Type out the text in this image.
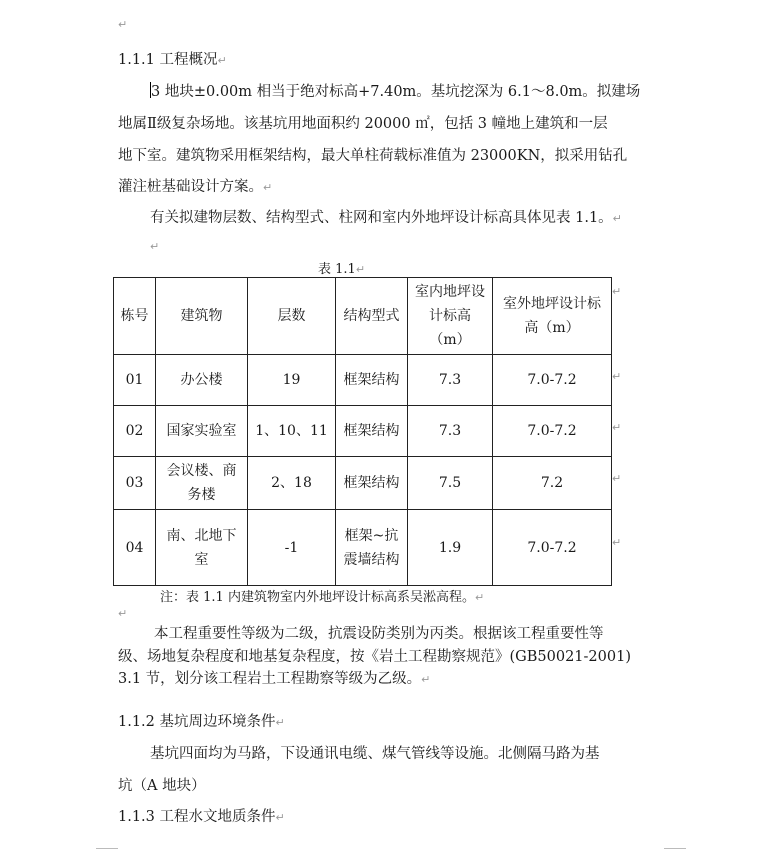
↵
1.1.1 工程概况↵
3 地块±0.00m 相当于绝对标高+7.40m。基坑挖深为 6.1～8.0m。拟建场
地属Ⅱ级复杂场地。该基坑用地面积约 20000 ㎡，包括 3 幢地上建筑和一层
地下室。建筑物采用框架结构，最大单柱荷载标准值为 23000KN，拟采用钻孔
灌注桩基础设计方案。↵
有关拟建物层数、结构型式、柱网和室内外地坪设计标高具体见表 1.1。↵
↵
表 1.1↵
栋号	建筑物	层数	结构型式	室内地坪设计标高（m）	室外地坪设计标高（m）
01	办公楼	19	框架结构	7.3	7.0-7.2
02	国家实验室	1、10、11	框架结构	7.3	7.0-7.2
03	会议楼、商务楼	2、18	框架结构	7.5	7.2
04	南、北地下室	-1	框架~抗震墙结构	1.9	7.0-7.2
↵
↵
↵
↵
↵
注：表 1.1 内建筑物室内外地坪设计标高系吴淞高程。↵
↵
本工程重要性等级为二级，抗震设防类别为丙类。根据该工程重要性等
级、场地复杂程度和地基复杂程度，按《岩土工程勘察规范》(GB50021-2001)
3.1 节，划分该工程岩土工程勘察等级为乙级。↵
1.1.2 基坑周边环境条件↵
基坑四面均为马路，下设通讯电缆、煤气管线等设施。北侧隔马路为基
坑（A 地块）
1.1.3 工程水文地质条件↵
